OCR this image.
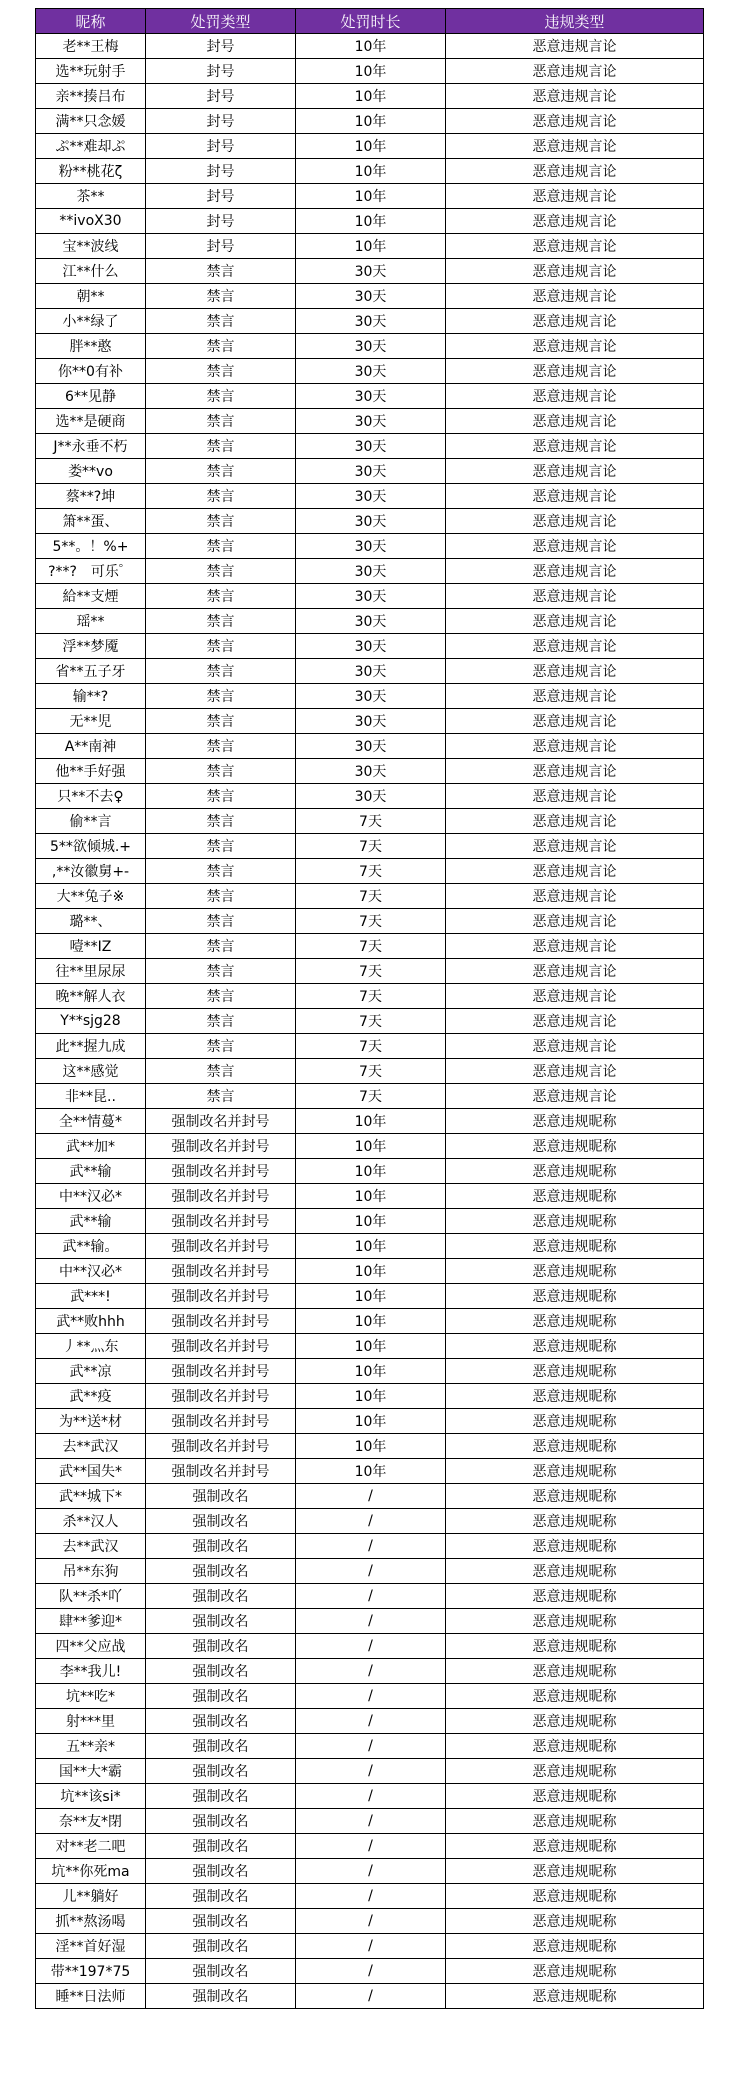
昵称	处罚类型	处罚时长	违规类型
老**王梅	封号	10年	恶意违规言论
选**玩射手	封号	10年	恶意违规言论
亲**揍吕布	封号	10年	恶意违规言论
满**只念媛	封号	10年	恶意违规言论
ぷ**难却ぷ	封号	10年	恶意违规言论
粉**桃花ζ	封号	10年	恶意违规言论
茶**	封号	10年	恶意违规言论
**ivoX30	封号	10年	恶意违规言论
宝**波线	封号	10年	恶意违规言论
江**什么	禁言	30天	恶意违规言论
朝**	禁言	30天	恶意违规言论
小**绿了	禁言	30天	恶意违规言论
胖**憨	禁言	30天	恶意违规言论
你**0有补	禁言	30天	恶意违规言论
6**见静	禁言	30天	恶意违规言论
选**是硬商	禁言	30天	恶意违规言论
J**永垂不朽	禁言	30天	恶意违规言论
娄**vo	禁言	30天	恶意违规言论
蔡**?坤	禁言	30天	恶意违规言论
箫**蛋、	禁言	30天	恶意违规言论
5**。！%+	禁言	30天	恶意违规言论
?**?　可乐゜	禁言	30天	恶意违规言论
給**支煙	禁言	30天	恶意违规言论
瑶**	禁言	30天	恶意违规言论
浮**梦魇	禁言	30天	恶意违规言论
省**五子牙	禁言	30天	恶意违规言论
输**?	禁言	30天	恶意违规言论
无**児	禁言	30天	恶意违规言论
A**南神	禁言	30天	恶意违规言论
他**手好强	禁言	30天	恶意违规言论
只**不去♀	禁言	30天	恶意违规言论
偷**言	禁言	7天	恶意违规言论
5**欲倾城.+	禁言	7天	恶意违规言论
,**汝徽舅+-	禁言	7天	恶意违规言论
大**兔子※	禁言	7天	恶意违规言论
璐**、	禁言	7天	恶意违规言论
噎**IZ	禁言	7天	恶意违规言论
往**里尿尿	禁言	7天	恶意违规言论
晚**解人衣	禁言	7天	恶意违规言论
Y**sjg28	禁言	7天	恶意违规言论
此**握九成	禁言	7天	恶意违规言论
这**感觉	禁言	7天	恶意违规言论
非**昆..	禁言	7天	恶意违规言论
全**情蔓*	强制改名并封号	10年	恶意违规昵称
武**加*	强制改名并封号	10年	恶意违规昵称
武**输	强制改名并封号	10年	恶意违规昵称
中**汉必*	强制改名并封号	10年	恶意违规昵称
武**输	强制改名并封号	10年	恶意违规昵称
武**输。	强制改名并封号	10年	恶意违规昵称
中**汉必*	强制改名并封号	10年	恶意违规昵称
武***!	强制改名并封号	10年	恶意违规昵称
武**败hhh	强制改名并封号	10年	恶意违规昵称
丿**灬东	强制改名并封号	10年	恶意违规昵称
武**凉	强制改名并封号	10年	恶意违规昵称
武**疫	强制改名并封号	10年	恶意违规昵称
为**送*材	强制改名并封号	10年	恶意违规昵称
去**武汉	强制改名并封号	10年	恶意违规昵称
武**国失*	强制改名并封号	10年	恶意违规昵称
武**城下*	强制改名	/	恶意违规昵称
杀**汉人	强制改名	/	恶意违规昵称
去**武汉	强制改名	/	恶意违规昵称
吊**东狗	强制改名	/	恶意违规昵称
队**杀*吖	强制改名	/	恶意违规昵称
肆**爹迎*	强制改名	/	恶意违规昵称
四**父应战	强制改名	/	恶意违规昵称
李**我儿!	强制改名	/	恶意违规昵称
坑**吃*	强制改名	/	恶意违规昵称
射***里	强制改名	/	恶意违规昵称
五**亲*	强制改名	/	恶意违规昵称
国**大*霸	强制改名	/	恶意违规昵称
坑**该si*	强制改名	/	恶意违规昵称
奈**友*閉	强制改名	/	恶意违规昵称
对**老二吧	强制改名	/	恶意违规昵称
坑**你死ma	强制改名	/	恶意违规昵称
儿**躺好	强制改名	/	恶意违规昵称
抓**熬汤喝	强制改名	/	恶意违规昵称
淫**首好湿	强制改名	/	恶意违规昵称
带**197*75	强制改名	/	恶意违规昵称
睡**日法师	强制改名	/	恶意违规昵称
